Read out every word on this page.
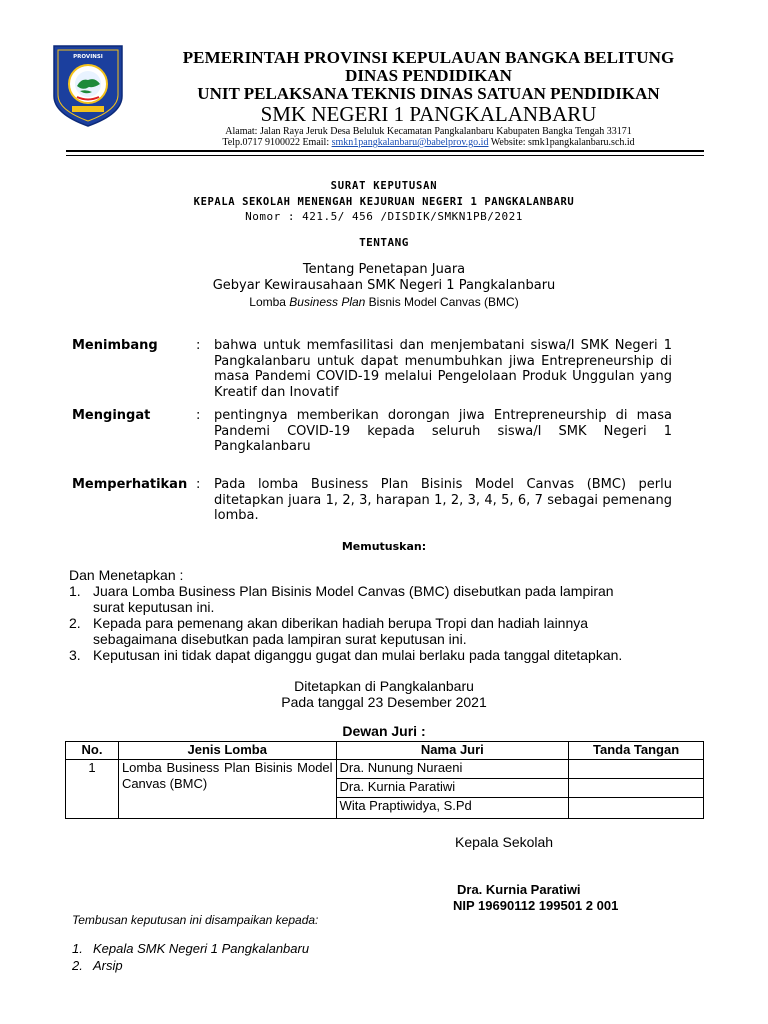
PROVINSI	PEMERINTAH PROVINSI KEPULAUAN BANGKA BELITUNG
DINAS PENDIDIKAN
UNIT PELAKSANA TEKNIS DINAS SATUAN PENDIDIKAN
SMK NEGERI 1 PANGKALANBARU
Alamat: Jalan Raya Jeruk Desa Beluluk Kecamatan Pangkalanbaru Kabupaten Bangka Tengah 33171
Telp.0717 9100022 Email: smkn1pangkalanbaru@babelprov.go.id Website: smk1pangkalanbaru.sch.id
SURAT KEPUTUSAN
KEPALA SEKOLAH MENENGAH KEJURUAN NEGERI 1 PANGKALANBARU
Nomor : 421.5/ 456 /DISDIK/SMKN1PB/2021
TENTANG
Tentang Penetapan Juara
Gebyar Kewirausahaan SMK Negeri 1 Pangkalanbaru
Lomba Business Plan Bisnis Model Canvas (BMC)
Menimbang	: bahwa untuk memfasilitasi dan menjembatani siswa/I SMK Negeri 1 Pangkalanbaru untuk dapat menumbuhkan jiwa Entrepreneurship di masa Pandemi COVID-19 melalui Pengelolaan Produk Unggulan yang Kreatif dan Inovatif
Mengingat	: pentingnya memberikan dorongan jiwa Entrepreneurship di masa Pandemi COVID-19 kepada seluruh siswa/I SMK Negeri 1 Pangkalanbaru
Memperhatikan : Pada lomba Business Plan Bisinis Model Canvas (BMC) perlu ditetapkan juara 1, 2, 3, harapan 1, 2, 3, 4, 5, 6, 7 sebagai pemenang lomba.
Memutuskan:
Dan Menetapkan :
1. Juara Lomba Business Plan Bisinis Model Canvas (BMC) disebutkan pada lampiran
surat keputusan ini.
2. Kepada para pemenang akan diberikan hadiah berupa Tropi dan hadiah lainnya
sebagaimana disebutkan pada lampiran surat keputusan ini.
3. Keputusan ini tidak dapat diganggu gugat dan mulai berlaku pada tanggal ditetapkan.
Ditetapkan di Pangkalanbaru
Pada tanggal 23 Desember 2021
Dewan Juri :
No.	Jenis Lomba	Nama Juri	Tanda Tangan
1	Lomba Business Plan Bisinis Model Canvas (BMC)	Dra. Nunung Nuraeni	
		Dra. Kurnia Paratiwi	
		Wita Praptiwidya, S.Pd	
Kepala Sekolah
Dra. Kurnia Paratiwi
NIP 19690112 199501 2 001
Tembusan keputusan ini disampaikan kepada:
1. Kepala SMK Negeri 1 Pangkalanbaru
2. Arsip
